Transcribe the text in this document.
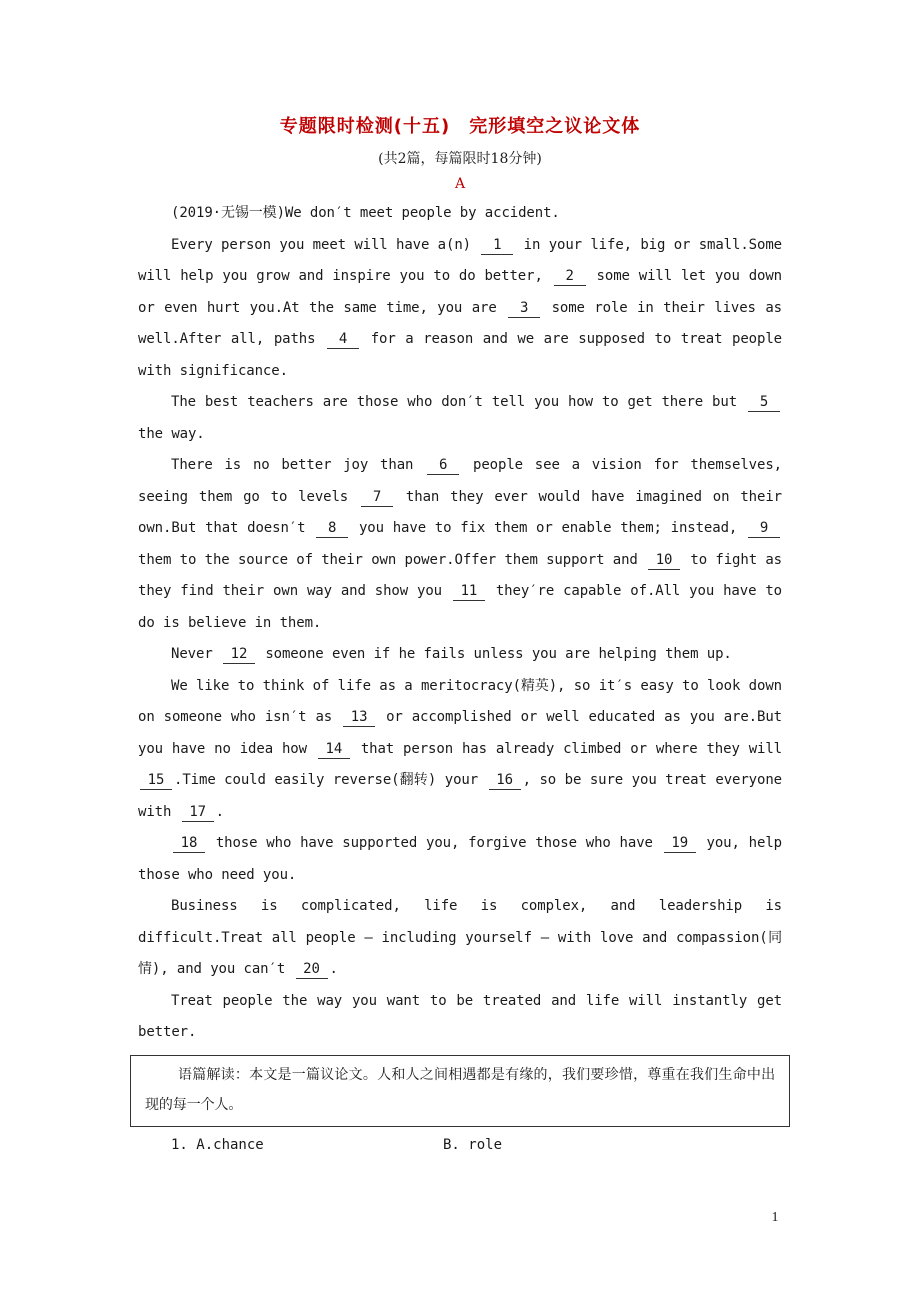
专题限时检测(十五)　完形填空之议论文体
(共2篇，每篇限时18分钟)
A

(2019·无锡一模)We don′t meet people by accident.

Every person you meet will have a(n) 1 in your life, big or small.Some will help you grow and inspire you to do better, 2 some will let you down or even hurt you.At the same time, you are 3 some role in their lives as well.After all, paths 4 for a reason and we are supposed to treat people with significance.

The best teachers are those who don′t tell you how to get there but 5 the way.

There is no better joy than 6 people see a vision for themselves, seeing them go to levels 7 than they ever would have imagined on their own.But that doesn′t 8 you have to fix them or enable them; instead, 9 them to the source of their own power.Offer them support and 10 to fight as they find their own way and show you 11 they′re capable of.All you have to do is believe in them.

Never 12 someone even if he fails unless you are helping them up.

We like to think of life as a meritocracy(精英), so it′s easy to look down on someone who isn′t as 13 or accomplished or well educated as you are.But you have no idea how 14 that person has already climbed or where they will 15 .Time could easily reverse(翻转) your 16 , so be sure you treat everyone with 17 .

18 those who have supported you, forgive those who have 19 you, help those who need you.

Business is complicated, life is complex, and leadership is difficult.Treat all people — including yourself — with love and compassion(同情), and you can′t 20 .

Treat people the way you want to be treated and life will instantly get better.

语篇解读：本文是一篇议论文。人和人之间相遇都是有缘的，我们要珍惜，尊重在我们生命中出现的每一个人。

1. A.chance	B. role
1
